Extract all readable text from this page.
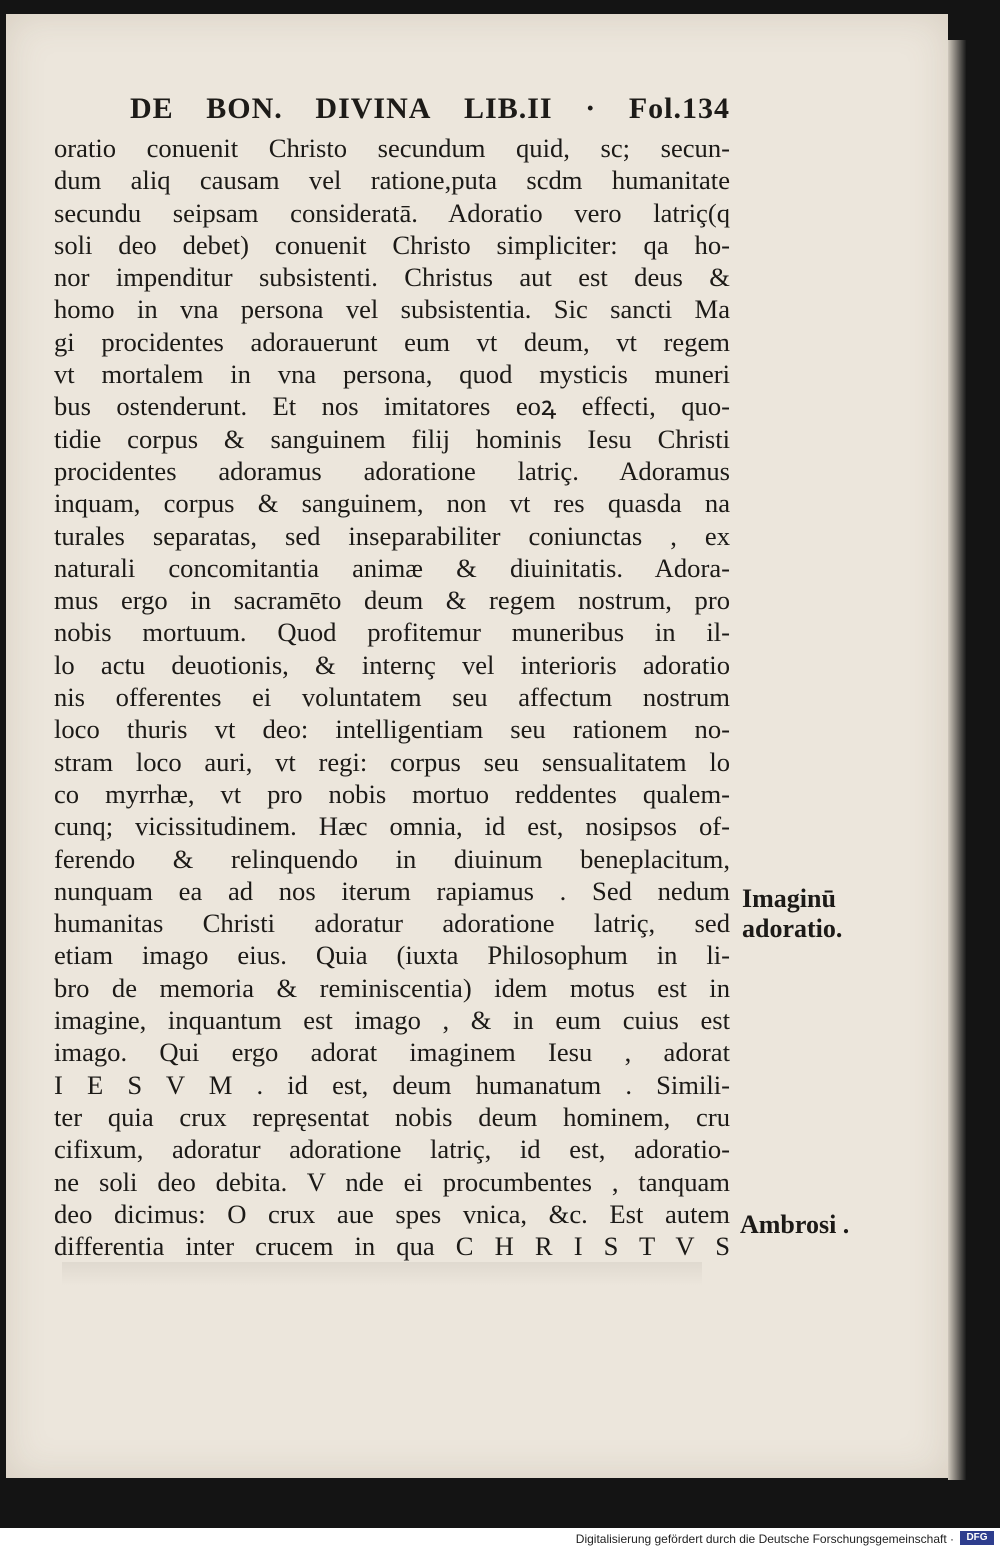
DE BON. DIVINA LIB.II · Fol.134
oratio conuenit Christo secundum quid, sc; secun-
dum aliq causam vel ratione,puta scdm humanitate
secundu seipsam consideratā. Adoratio vero latriç(q
soli deo debet) conuenit Christo simpliciter: qa ho-
nor impenditur subsistenti. Christus aut est deus &
homo in vna persona vel subsistentia. Sic sancti Ma
gi procidentes adorauerunt eum vt deum, vt regem
vt mortalem in vna persona, quod mysticis muneri
bus ostenderunt. Et nos imitatores eoꝝ effecti, quo-
tidie corpus & sanguinem filij hominis Iesu Christi
procidentes adoramus adoratione latriç. Adoramus
inquam, corpus & sanguinem, non vt res quasda na
turales separatas, sed inseparabiliter coniunctas , ex
naturali concomitantia animæ & diuinitatis. Adora-
mus ergo in sacramēto deum & regem nostrum, pro
nobis mortuum. Quod profitemur muneribus in il-
lo actu deuotionis, & internç vel interioris adoratio
nis offerentes ei voluntatem seu affectum nostrum
loco thuris vt deo: intelligentiam seu rationem no-
stram loco auri, vt regi: corpus seu sensualitatem lo
co myrrhæ, vt pro nobis mortuo reddentes qualem-
cunq; vicissitudinem. Hæc omnia, id est, nosipsos of-
ferendo & relinquendo in diuinum beneplacitum,
nunquam ea ad nos iterum rapiamus . Sed nedum
humanitas Christi adoratur adoratione latriç, sed
etiam imago eius. Quia (iuxta Philosophum in li-
bro de memoria & reminiscentia) idem motus est in
imagine, inquantum est imago , & in eum cuius est
imago. Qui ergo adorat imaginem Iesu , adorat
I E S V M . id est, deum humanatum . Simili-
ter quia crux repręsentat nobis deum hominem, cru
cifixum, adoratur adoratione latriç, id est, adoratio-
ne soli deo debita. V nde ei procumbentes , tanquam
deo dicimus: O crux aue spes vnica, &c. Est autem
differentia inter crucem in qua C H R I S T V S
Imaginū
adoratio.
Ambrosi .
Digitalisierung gefördert durch die Deutsche Forschungsgemeinschaft ·	DFG
